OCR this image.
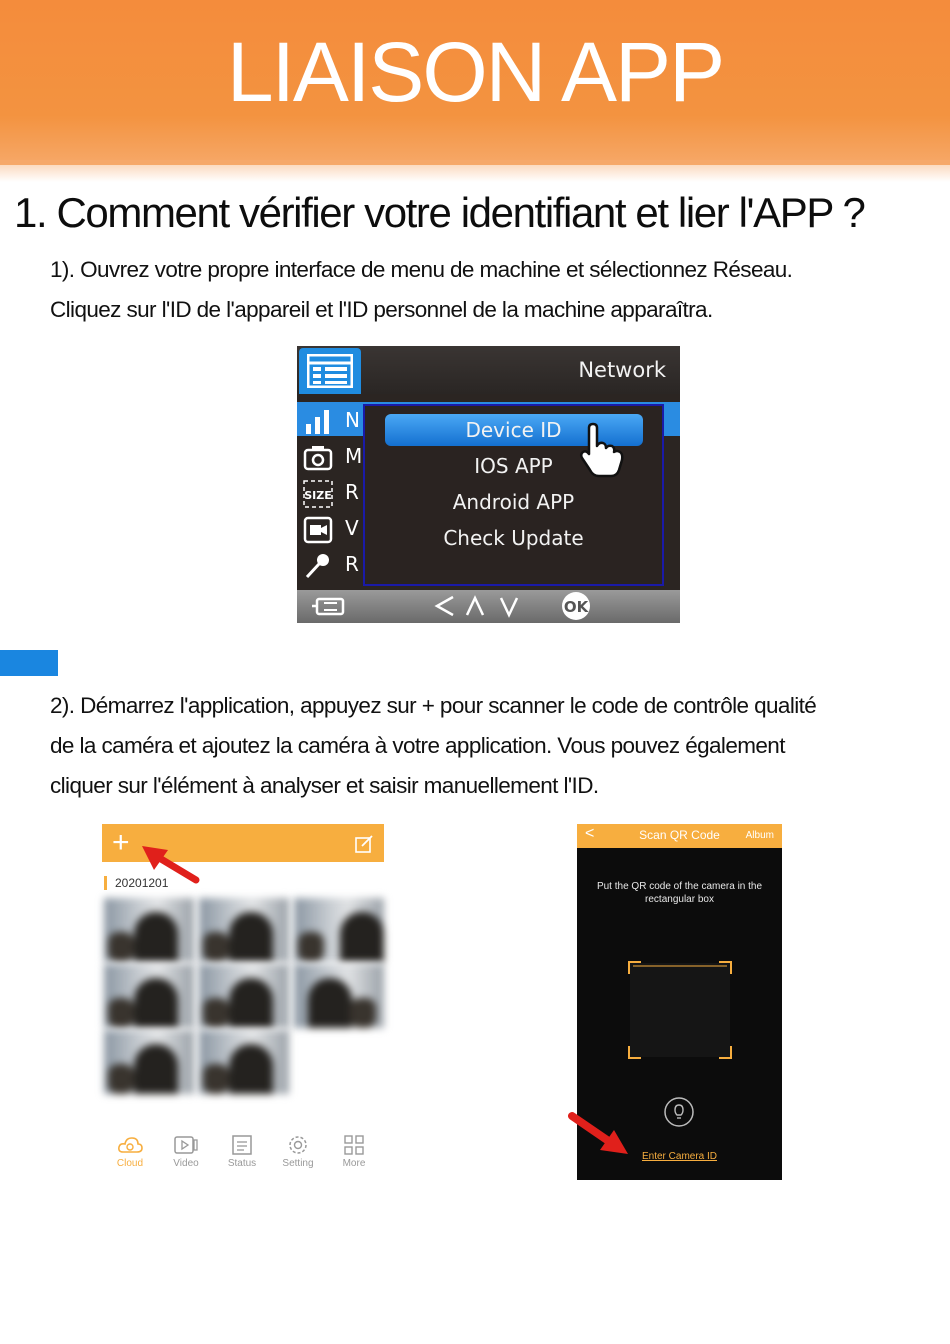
LIAISON APP
1. Comment vérifier votre identifiant et lier l'APP ?
1). Ouvrez votre propre interface de menu de machine et sélectionnez Réseau.
Cliquez sur l'ID de l'appareil et l'ID personnel de la machine apparaîtra.
Network
N
M
SIZE R
V
R
Device ID
IOS APP
Android APP
Check Update
OK
2). Démarrez l'application, appuyez sur + pour scanner le code de contrôle qualité
de la caméra et ajoutez la caméra à votre application. Vous pouvez également
cliquer sur l'élément à analyser et saisir manuellement l'ID.
+
20201201
Cloud	Video	Status	Setting	More
<	Scan QR Code	Album
Put the QR code of the camera in the
rectangular box
Enter Camera ID
